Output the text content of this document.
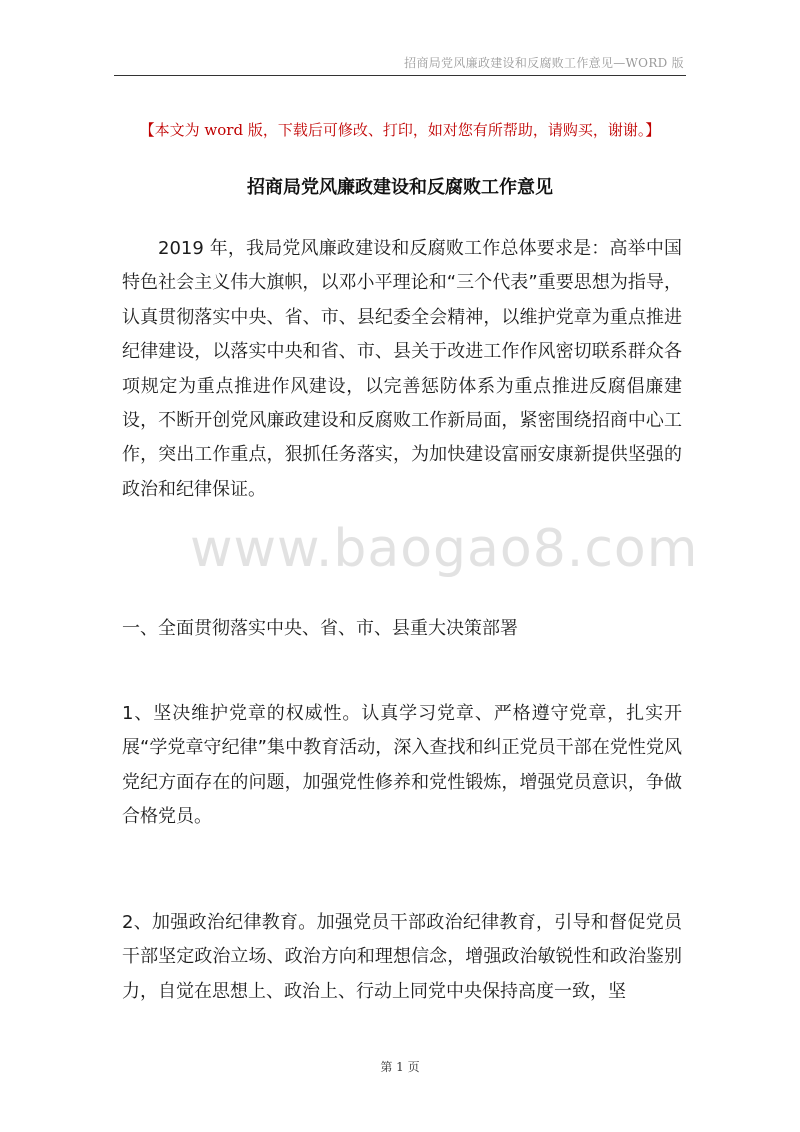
招商局党风廉政建设和反腐败工作意见—WORD 版
【本文为 word 版，下载后可修改、打印，如对您有所帮助，请购买，谢谢。】
招商局党风廉政建设和反腐败工作意见

2019 年，我局党风廉政建设和反腐败工作总体要求是：高举中国特色社会主义伟大旗帜，以邓小平理论和“三个代表”重要思想为指导，认真贯彻落实中央、省、市、县纪委全会精神，以维护党章为重点推进纪律建设，以落实中央和省、市、县关于改进工作作风密切联系群众各项规定为重点推进作风建设，以完善惩防体系为重点推进反腐倡廉建设，不断开创党风廉政建设和反腐败工作新局面，紧密围绕招商中心工作，突出工作重点，狠抓任务落实，为加快建设富丽安康新提供坚强的政治和纪律保证。

www.baogao8.com

一、全面贯彻落实中央、省、市、县重大决策部署

1、坚决维护党章的权威性。认真学习党章、严格遵守党章，扎实开展“学党章守纪律”集中教育活动，深入查找和纠正党员干部在党性党风党纪方面存在的问题，加强党性修养和党性锻炼，增强党员意识，争做合格党员。

2、加强政治纪律教育。加强党员干部政治纪律教育，引导和督促党员干部坚定政治立场、政治方向和理想信念，增强政治敏锐性和政治鉴别力，自觉在思想上、政治上、行动上同党中央保持高度一致，坚

第 1 页
